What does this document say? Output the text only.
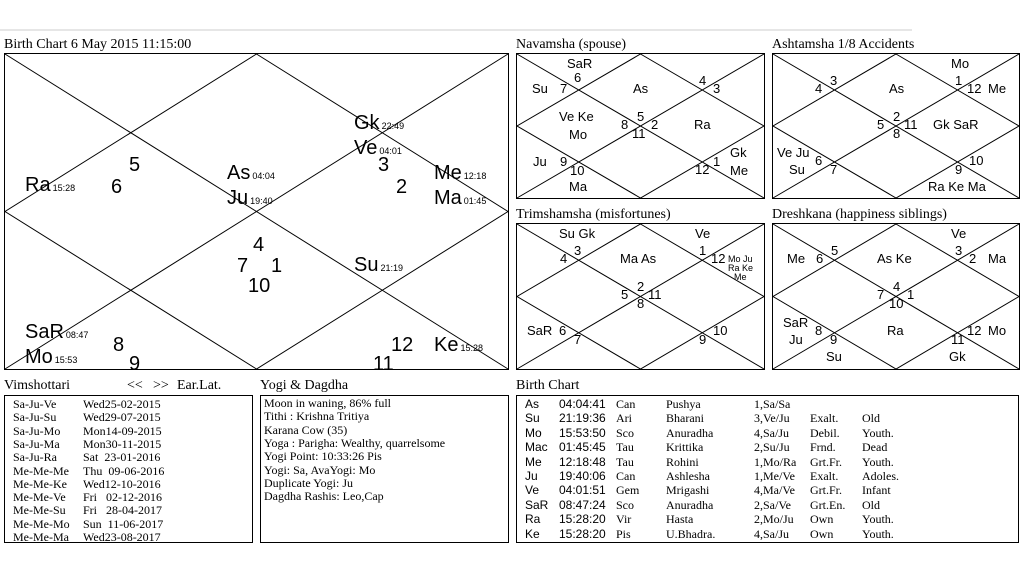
Birth Chart 6 May 2015 11:15:00
5
6
3
2
4
7 1
10
8
9
12
11
Ra 15:28
As 04:04
Ju 19:40
Gk 22:49
Ve 04:01
Me 12:18
Ma 01:45
Su 21:19
SaR 08:47
Mo 15:53
Ke 15:28
Navamsha (spouse)
SaR
6
Su 7	As
4
3
Ve Ke
Mo
8
5
2
11
Ra
Ju 9
10
Ma
Gk
1
12 Me
Ashtamsha 1/8 Accidents
Mo
4
3
As
1
12 Me
5
2
11
8
Gk SaR
Ve Ju
6
Su 7
10
9
Ra Ke Ma
Trimshamsha (misfortunes)
Su Gk
3
4	Ma As
Ve
1
12 Mo Ju
Ra Ke
Me
5
2
11
8
SaR 6
7
10
9
Dreshkana (happiness siblings)
Ve
Me 6
5
As Ke
3
2 Ma
7
4
1
10
SaR
8
Ju 9
Ra	12 Mo
11
Su	Gk
Vimshottari	<< >> Ear.Lat.
Sa-Ju-Ve Wed25-02-2015
Sa-Ju-Su Wed29-07-2015
Sa-Ju-Mo Mon14-09-2015
Sa-Ju-Ma Mon30-11-2015
Sa-Ju-Ra Sat  23-01-2016
Me-Me-Me Thu  09-06-2016
Me-Me-Ke Wed12-10-2016
Me-Me-Ve Fri   02-12-2016
Me-Me-Su Fri   28-04-2017
Me-Me-Mo Sun  11-06-2017
Me-Me-Ma Wed23-08-2017
Yogi & Dagdha
Moon in waning, 86% full
Tithi : Krishna Tritiya
Karana Cow (35)
Yoga : Parigha: Wealthy, quarrelsome
Yogi Point: 10:33:26 Pis
Yogi: Sa, AvaYogi: Mo
Duplicate Yogi: Ju
Dagdha Rashis: Leo,Cap
Birth Chart
As 04:04:41 Can	Pushya	1,Sa/Sa
Su 21:19:36 Ari	Bharani	3,Ve/Ju Exalt. Old
Mo 15:53:50 Sco	Anuradha	4,Sa/Ju Debil. Youth.
Mac 01:45:45 Tau	Krittika	2,Su/Ju Frnd. Dead
Me 12:18:48 Tau	Rohini	1,Mo/Ra Grt.Fr. Youth.
Ju 19:40:06 Can	Ashlesha	1,Me/Ve Exalt. Adoles.
Ve 04:01:51 Gem Mrigashi	4,Ma/Ve Grt.Fr. Infant
SaR 08:47:24 Sco	Anuradha	2,Sa/Ve Grt.En. Old
Ra 15:28:20 Vir	Hasta	2,Mo/Ju Own Youth.
Ke 15:28:20 Pis	U.Bhadra.	4,Sa/Ju Own Youth.
